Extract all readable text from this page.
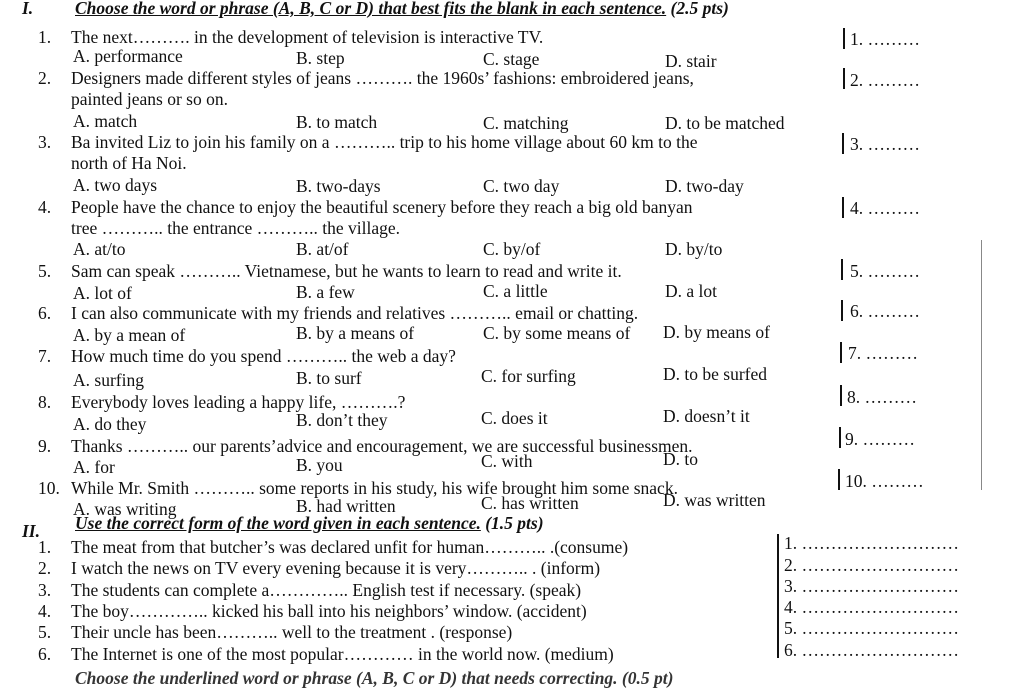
I. Choose the word or phrase (A, B, C or D) that best fits the blank in each sentence. (2.5 pts)
1. The next………. in the development of television is interactive TV.
A. performance	B. step	C. stage	D. stair
1. ………
2. Designers made different styles of jeans ………. the 1960s’ fashions: embroidered jeans,
painted jeans or so on.
A. match	B. to match	C. matching	D. to be matched
2. ………
3. Ba invited Liz to join his family on a ……….. trip to his home village about 60 km to the
north of Ha Noi.
A. two days	B. two-days	C. two day	D. two-day
3. ………
4. People have the chance to enjoy the beautiful scenery before they reach a big old banyan
tree ……….. the entrance ……….. the village.
A. at/to	B. at/of	C. by/of	D. by/to
4. ………
5. Sam can speak ……….. Vietnamese, but he wants to learn to read and write it.
A. lot of	B. a few	C. a little	D. a lot
5. ………
6. I can also communicate with my friends and relatives ……….. email or chatting.
A. by a mean of	B. by a means of	C. by some means of D. by means of
6. ………
7. How much time do you spend ……….. the web a day?
A. surfing	B. to surf	C. for surfing	D. to be surfed
7. ………
8. Everybody loves leading a happy life, ……….?
A. do they	B. don’t they	C. does it	D. doesn’t it
8. ………
9. Thanks ……….. our parents’advice and encouragement, we are successful businessmen.
A. for	B. you	C. with	D. to
9. ………
10. While Mr. Smith ……….. some reports in his study, his wife brought him some snack.
A. was writing	B. had written	C. has written	D. was written
10. ………
II. Use the correct form of the word given in each sentence. (1.5 pts)
1. The meat from that butcher’s was declared unfit for human……….. .(consume)
2. I watch the news on TV every evening because it is very……….. . (inform)
3. The students can complete a………….. English test if necessary. (speak)
4. The boy………….. kicked his ball into his neighbors’ window. (accident)
5. Their uncle has been……….. well to the treatment . (response)
6. The Internet is one of the most popular………… in the world now. (medium)
1. ………………………
2. ………………………
3. ………………………
4. ………………………
5. ………………………
6. ………………………
Choose the underlined word or phrase (A, B, C or D) that needs correcting. (0.5 pt)
